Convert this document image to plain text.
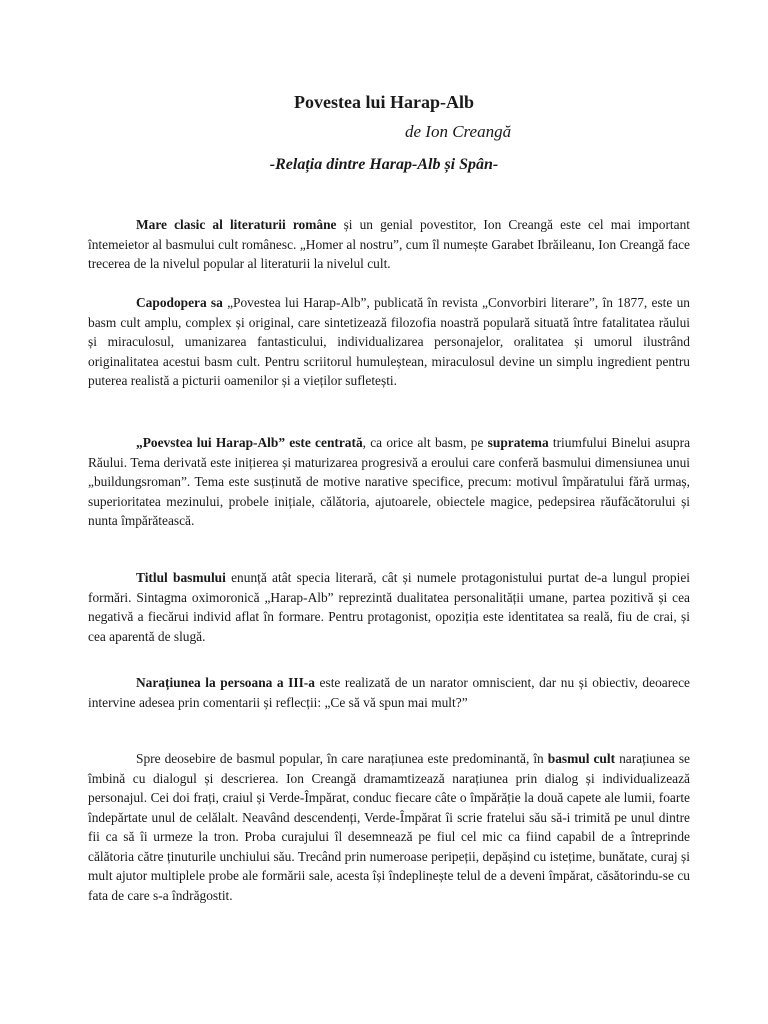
Povestea lui Harap-Alb

de Ion Creangă

-Relația dintre Harap-Alb și Spân-

Mare clasic al literaturii române și un genial povestitor, Ion Creangă este cel mai important întemeietor al basmului cult românesc. „Homer al nostru”, cum îl numește Garabet Ibrăileanu, Ion Creangă face trecerea de la nivelul popular al literaturii la nivelul cult.

Capodopera sa „Povestea lui Harap-Alb”, publicată în revista „Convorbiri literare”, în 1877, este un basm cult amplu, complex și original, care sintetizează filozofia noastră populară situată între fatalitatea răului și miraculosul, umanizarea fantasticului, individualizarea personajelor, oralitatea și umorul ilustrând originalitatea acestui basm cult. Pentru scriitorul humuleștean, miraculosul devine un simplu ingredient pentru puterea realistă a picturii oamenilor și a vieților sufletești.

„Poevstea lui Harap-Alb” este centrată, ca orice alt basm, pe supratema triumfului Binelui asupra Răului. Tema derivată este inițierea și maturizarea progresivă a eroului care conferă basmului dimensiunea unui „buildungsroman”. Tema este susținută de motive narative specifice, precum: motivul împăratului fără urmaș, superioritatea mezinului, probele inițiale, călătoria, ajutoarele, obiectele magice, pedepsirea răufăcătorului și nunta împărătească.

Titlul basmului enunță atât specia literară, cât și numele protagonistului purtat de-a lungul propiei formări. Sintagma oximoronică „Harap-Alb” reprezintă dualitatea personalității umane, partea pozitivă și cea negativă a fiecărui individ aflat în formare. Pentru protagonist, opoziția este identitatea sa reală, fiu de crai, și cea aparentă de slugă.

Narațiunea la persoana a III-a este realizată de un narator omniscient, dar nu și obiectiv, deoarece intervine adesea prin comentarii și reflecții: „Ce să vă spun mai mult?”

Spre deosebire de basmul popular, în care narațiunea este predominantă, în basmul cult narațiunea se îmbină cu dialogul și descrierea. Ion Creangă dramamtizează narațiunea prin dialog și individualizează personajul. Cei doi frați, craiul și Verde-Împărat, conduc fiecare câte o împărăție la două capete ale lumii, foarte îndepărtate unul de celălalt. Neavând descendenți, Verde-Împărat îi scrie fratelui său să-i trimită pe unul dintre fii ca să îi urmeze la tron. Proba curajului îl desemnează pe fiul cel mic ca fiind capabil de a întreprinde călătoria către ținuturile unchiului său. Trecând prin numeroase peripeții, depășind cu istețime, bunătate, curaj și mult ajutor multiplele probe ale formării sale, acesta își îndeplinește telul de a deveni împărat, căsătorindu-se cu fata de care s-a îndrăgostit.
